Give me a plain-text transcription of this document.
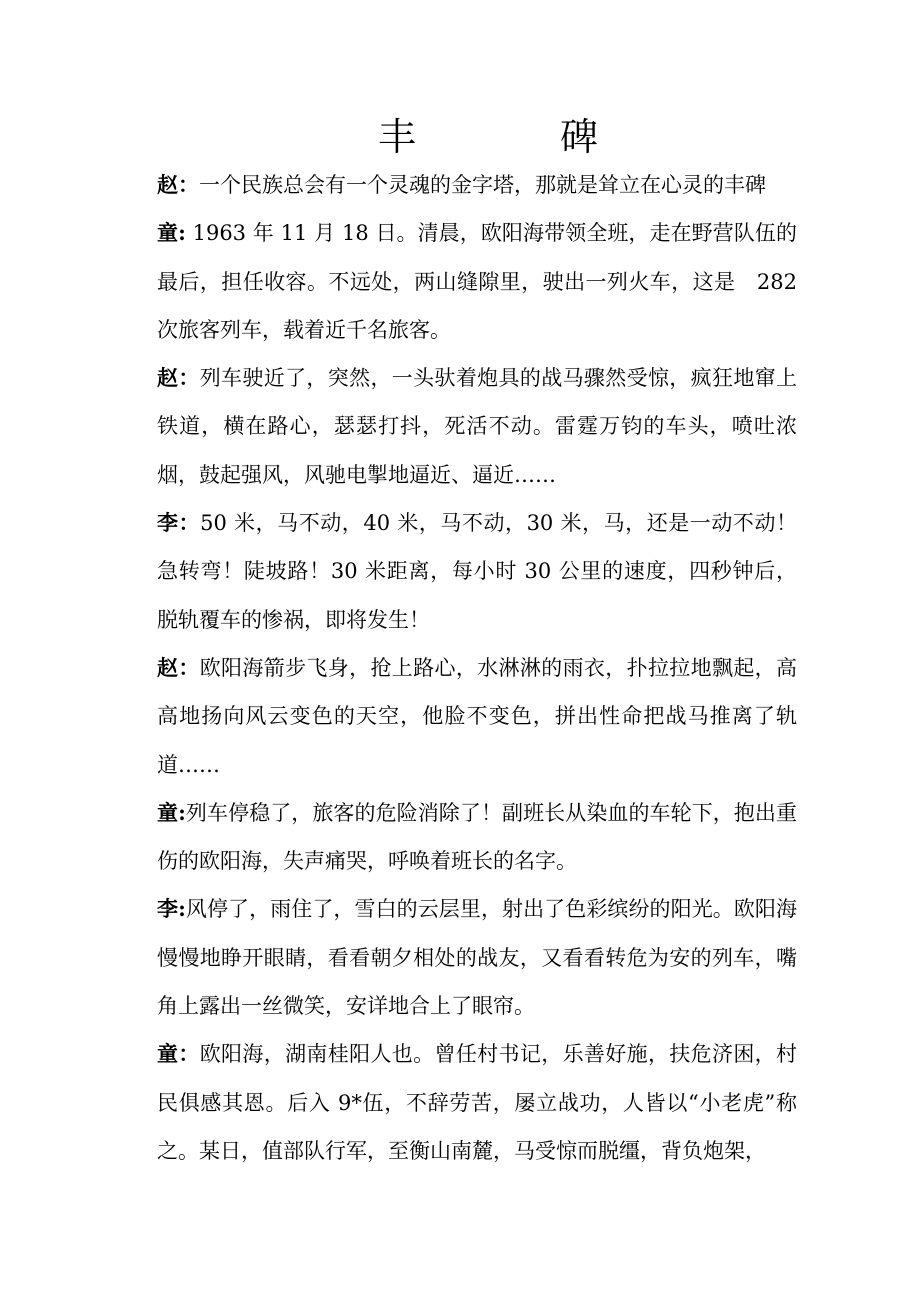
丰	碑

赵：一个民族总会有一个灵魂的金字塔，那就是耸立在心灵的丰碑

童: 1963 年 11 月 18 日。清晨，欧阳海带领全班，走在野营队伍的最后，担任收容。不远处，两山缝隙里，驶出一列火车，这是　282 次旅客列车，载着近千名旅客。

赵：列车驶近了，突然，一头驮着炮具的战马骤然受惊，疯狂地窜上铁道，横在路心，瑟瑟打抖，死活不动。雷霆万钧的车头，喷吐浓烟，鼓起强风，风驰电掣地逼近、逼近……

李：50 米，马不动，40 米，马不动，30 米，马，还是一动不动！急转弯！陡坡路！30 米距离，每小时 30 公里的速度，四秒钟后，脱轨覆车的惨祸，即将发生！

赵：欧阳海箭步飞身，抢上路心，水淋淋的雨衣，扑拉拉地飘起，高高地扬向风云变色的天空，他脸不变色，拼出性命把战马推离了轨道……

童:列车停稳了，旅客的危险消除了！副班长从染血的车轮下，抱出重伤的欧阳海，失声痛哭，呼唤着班长的名字。

李:风停了，雨住了，雪白的云层里，射出了色彩缤纷的阳光。欧阳海慢慢地睁开眼睛，看看朝夕相处的战友，又看看转危为安的列车，嘴角上露出一丝微笑，安详地合上了眼帘。

童：欧阳海，湖南桂阳人也。曾任村书记，乐善好施，扶危济困，村民俱感其恩。后入 9*伍，不辞劳苦，屡立战功，人皆以“小老虎”称之。某日，值部队行军，至衡山南麓，马受惊而脱缰，背负炮架，
